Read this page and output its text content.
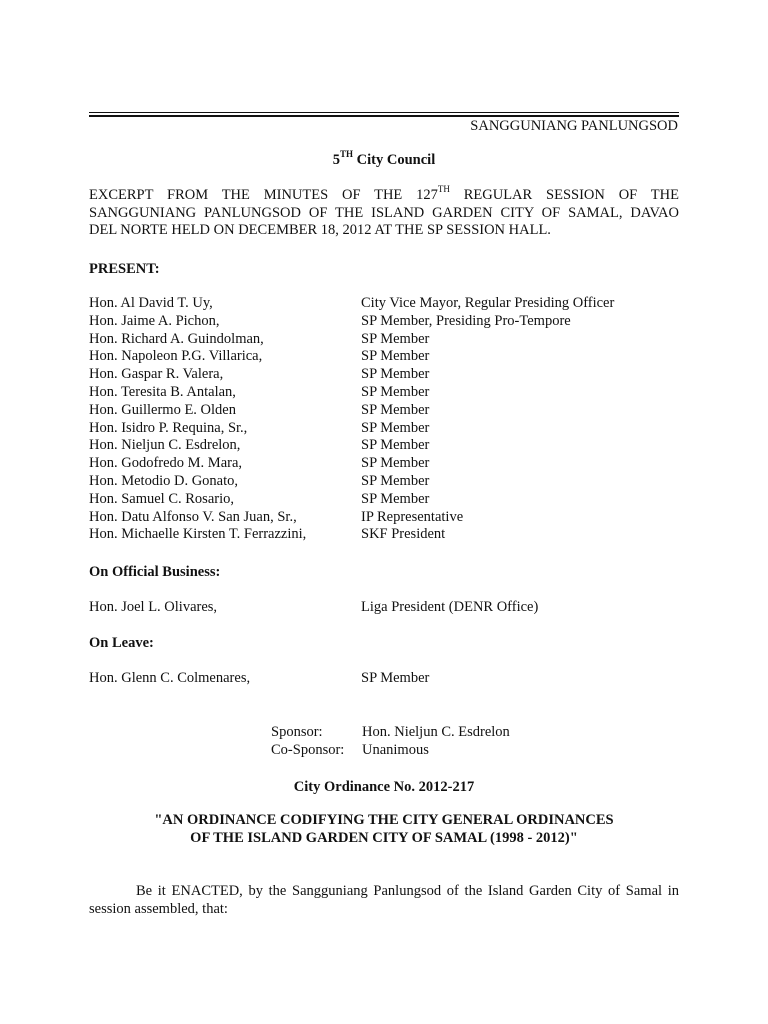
SANGGUNIANG PANLUNGSOD
5TH City Council
EXCERPT FROM THE MINUTES OF THE 127TH REGULAR SESSION OF THE
SANGGUNIANG PANLUNGSOD OF THE ISLAND GARDEN CITY OF SAMAL, DAVAO
DEL NORTE HELD ON DECEMBER 18, 2012 AT THE SP SESSION HALL.
PRESENT:
Hon. Al David T. Uy,	City Vice Mayor, Regular Presiding Officer
Hon. Jaime A. Pichon,	SP Member, Presiding Pro-Tempore
Hon. Richard A. Guindolman,	SP Member
Hon. Napoleon P.G. Villarica,	SP Member
Hon. Gaspar R. Valera,	SP Member
Hon. Teresita B. Antalan,	SP Member
Hon. Guillermo E. Olden	SP Member
Hon. Isidro P. Requina, Sr.,	SP Member
Hon. Nieljun C. Esdrelon,	SP Member
Hon. Godofredo M. Mara,	SP Member
Hon. Metodio D. Gonato,	SP Member
Hon. Samuel C. Rosario,	SP Member
Hon. Datu Alfonso V. San Juan, Sr.,	IP Representative
Hon. Michaelle Kirsten T. Ferrazzini,	SKF President
On Official Business:
Hon. Joel L. Olivares,	Liga President (DENR Office)
On Leave:
Hon. Glenn C. Colmenares,	SP Member
Sponsor:	Hon. Nieljun C. Esdrelon
Co-Sponsor: Unanimous
City Ordinance No. 2012-217
"AN ORDINANCE CODIFYING THE CITY GENERAL ORDINANCES
OF THE ISLAND GARDEN CITY OF SAMAL (1998 - 2012)"
Be it ENACTED, by the Sangguniang Panlungsod of the Island Garden City of Samal in
session assembled, that:
